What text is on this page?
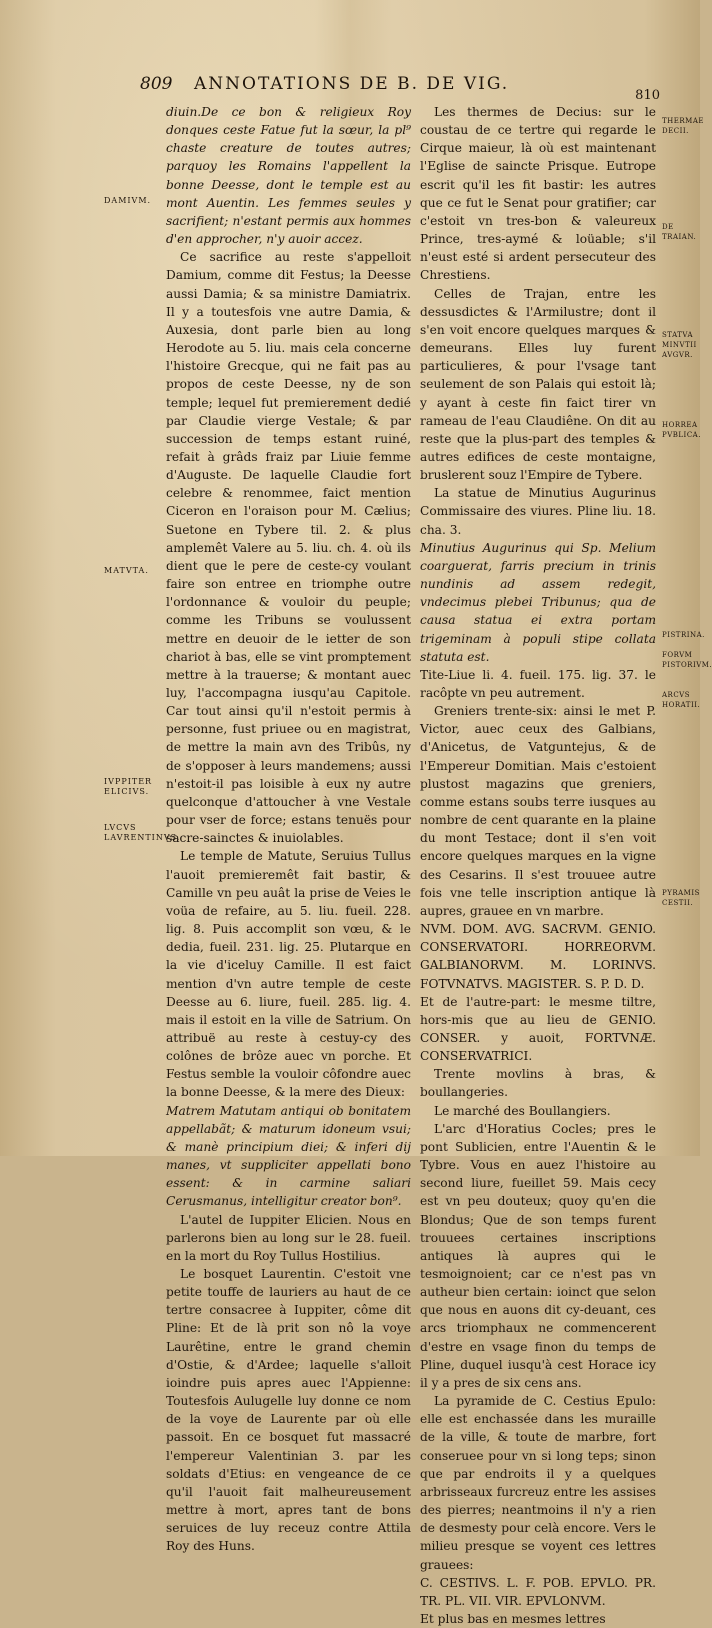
809 ANNOTATIONS DE B. DE VIG.
810

diuin.De ce bon & religieux Roy donques ceste Fatue fut la sœur, la pl⁹ chaste creature de toutes autres; parquoy les Romains l'appellent la bonne Deesse, dont le temple est au mont Auentin. Les femmes seules y sacrifient; n'estant permis aux hommes d'en approcher, n'y auoir accez.

Ce sacrifice au reste s'appelloit Damium, comme dit Festus; la Deesse aussi Damia; & sa ministre Damiatrix. Il y a toutesfois vne autre Damia, & Auxesia, dont parle bien au long Herodote au 5. liu. mais cela concerne l'histoire Grecque, qui ne fait pas au propos de ceste Deesse, ny de son temple; lequel fut premierement dedié par Claudie vierge Vestale; & par succession de temps estant ruiné, refait à grâds fraiz par Liuie femme d'Auguste. De laquelle Claudie fort celebre & renommee, faict mention Ciceron en l'oraison pour M. Cælius; Suetone en Tybere til. 2. & plus amplemêt Valere au 5. liu. ch. 4. où ils dient que le pere de ceste-cy voulant faire son entree en triomphe outre l'ordonnance & vouloir du peuple; comme les Tribuns se voulussent mettre en deuoir de le ietter de son chariot à bas, elle se vint promptement mettre à la trauerse; & montant auec luy, l'accompagna iusqu'au Capitole. Car tout ainsi qu'il n'estoit permis à personne, fust priuee ou en magistrat, de mettre la main avn des Tribûs, ny de s'opposer à leurs mandemens; aussi n'estoit-il pas loisible à eux ny autre quelconque d'attoucher à vne Vestale pour vser de force; estans tenuës pour sacre-sainctes & inuiolables.

Le temple de Matute, Seruius Tullus l'auoit premieremêt fait bastir, & Camille vn peu auât la prise de Veies le voüa de refaire, au 5. liu. fueil. 228. lig. 8. Puis accomplit son vœu, & le dedia, fueil. 231. lig. 25. Plutarque en la vie d'iceluy Camille. Il est faict mention d'vn autre temple de ceste Deesse au 6. liure, fueil. 285. lig. 4. mais il estoit en la ville de Satrium. On attribuë au reste à cestuy-cy des colônes de brôze auec vn porche. Et Festus semble la vouloir côfondre auec la bonne Deesse, & la mere des Dieux:

Matrem Matutam antiqui ob bonitatem appellabãt; & maturum idoneum vsui; & manè principium diei; & inferi dij manes, vt suppliciter appellati bono essent: & in carmine saliari Cerusmanus, intelligitur creator bon⁹.

L'autel de Iuppiter Elicien. Nous en parlerons bien au long sur le 28. fueil. en la mort du Roy Tullus Hostilius.

Le bosquet Laurentin. C'estoit vne petite touffe de lauriers au haut de ce tertre consacree à Iuppiter, côme dit Pline: Et de là prit son nô la voye Laurêtine, entre le grand chemin d'Ostie, & d'Ardee; laquelle s'alloit ioindre puis apres auec l'Appienne: Toutesfois Aulugelle luy donne ce nom de la voye de Laurente par où elle passoit. En ce bosquet fut massacré l'empereur Valentinian 3. par les soldats d'Etius: en vengeance de ce qu'il l'auoit fait malheureusement mettre à mort, apres tant de bons seruices de luy receuz contre Attila Roy des Huns.

Les thermes de Decius: sur le coustau de ce tertre qui regarde le Cirque maieur, là où est maintenant l'Eglise de saincte Prisque. Eutrope escrit qu'il les fit bastir: les autres que ce fut le Senat pour gratifier; car c'estoit vn tres-bon & valeureux Prince, tres-aymé & loüable; s'il n'eust esté si ardent persecuteur des Chrestiens.

Celles de Trajan, entre les dessusdictes & l'Armilustre; dont il s'en voit encore quelques marques & demeurans. Elles luy furent particulieres, & pour l'vsage tant seulement de son Palais qui estoit là; y ayant à ceste fin faict tirer vn rameau de l'eau Claudiêne. On dit au reste que la plus-part des temples & autres edifices de ceste montaigne, bruslerent souz l'Empire de Tybere.

La statue de Minutius Augurinus Commissaire des viures. Pline liu. 18. cha. 3.

Minutius Augurinus qui Sp. Melium coarguerat, farris precium in trinis nundinis ad assem redegit, vndecimus plebei Tribunus; qua de causa statua ei extra portam trigeminam à populi stipe collata statuta est.

Tite-Liue li. 4. fueil. 175. lig. 37. le racôpte vn peu autrement.

Greniers trente-six: ainsi le met P. Victor, auec ceux des Galbians, d'Anicetus, de Vatguntejus, & de l'Empereur Domitian. Mais c'estoient plustost magazins que greniers, comme estans soubs terre iusques au nombre de cent quarante en la plaine du mont Testace; dont il s'en voit encore quelques marques en la vigne des Cesarins. Il s'est trouuee autre fois vne telle inscription antique là aupres, grauee en vn marbre.

NVM. DOM. AVG. SACRVM. GENIO. CONSERVATORI. HORREORVM. GALBIANORVM. M. LORINVS. FOTVNATVS. MAGISTER. S. P. D. D.

Et de l'autre-part: le mesme tiltre, hors-mis que au lieu de GENIO. CONSER. y auoit, FORTVNÆ. CONSERVATRICI.

Trente movlins à bras, & boullangeries.

Le marché des Boullangiers.

L'arc d'Horatius Cocles; pres le pont Sublicien, entre l'Auentin & le Tybre. Vous en auez l'histoire au second liure, fueillet 59. Mais cecy est vn peu douteux; quoy qu'en die Blondus; Que de son temps furent trouuees certaines inscriptions antiques là aupres qui le tesmoignoient; car ce n'est pas vn autheur bien certain: ioinct que selon que nous en auons dit cy-deuant, ces arcs triomphaux ne commencerent d'estre en vsage finon du temps de Pline, duquel iusqu'à cest Horace icy il y a pres de six cens ans.

La pyramide de C. Cestius Epulo: elle est enchassée dans les muraille de la ville, & toute de marbre, fort conseruee pour vn si long teps; sinon que par endroits il y a quelques arbrisseaux furcreuz entre les assises des pierres; neantmoins il n'y a rien de desmesty pour celà encore. Vers le milieu presque se voyent ces lettres grauees:

C. CESTIVS. L. F. POB. EPVLO. PR. TR. PL. VII. VIR. EPVLONVM.

Et plus bas en mesmes lettres

DAMIVM.
MATVTA.
IVPPITER ELICIVS.
LVCVS LAVRENTINVS.
THERMAE DECII.
DE TRAIAN.
STATVA MINVTII AVGVR.
HORREA PVBLICA.
PISTRINA.
FORVM PISTORIVM.
ARCVS HORATII.
PYRAMIS CESTII.
